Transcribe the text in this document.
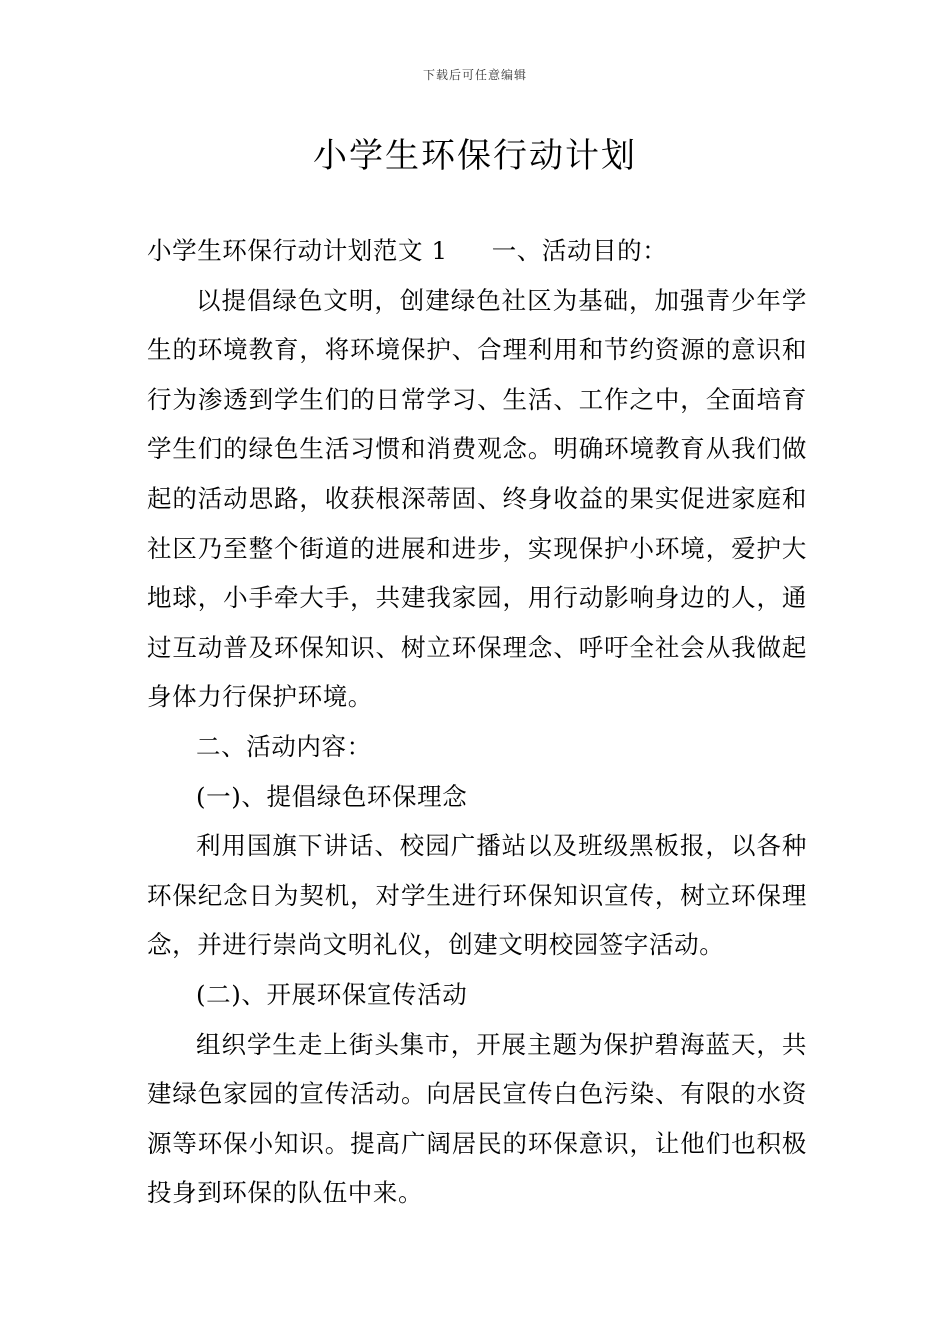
下载后可任意编辑
小学生环保行动计划

小学生环保行动计划范文 1 一、活动目的：

以提倡绿色文明，创建绿色社区为基础，加强青少年学生的环境教育，将环境保护、合理利用和节约资源的意识和行为渗透到学生们的日常学习、生活、工作之中，全面培育学生们的绿色生活习惯和消费观念。明确环境教育从我们做起的活动思路，收获根深蒂固、终身收益的果实促进家庭和社区乃至整个街道的进展和进步，实现保护小环境，爱护大地球，小手牵大手，共建我家园，用行动影响身边的人，通过互动普及环保知识、树立环保理念、呼吁全社会从我做起身体力行保护环境。

二、活动内容：

(一)、提倡绿色环保理念

利用国旗下讲话、校园广播站以及班级黑板报，以各种环保纪念日为契机，对学生进行环保知识宣传，树立环保理念，并进行崇尚文明礼仪，创建文明校园签字活动。

(二)、开展环保宣传活动

组织学生走上街头集市，开展主题为保护碧海蓝天，共建绿色家园的宣传活动。向居民宣传白色污染、有限的水资源等环保小知识。提高广阔居民的环保意识，让他们也积极投身到环保的队伍中来。
